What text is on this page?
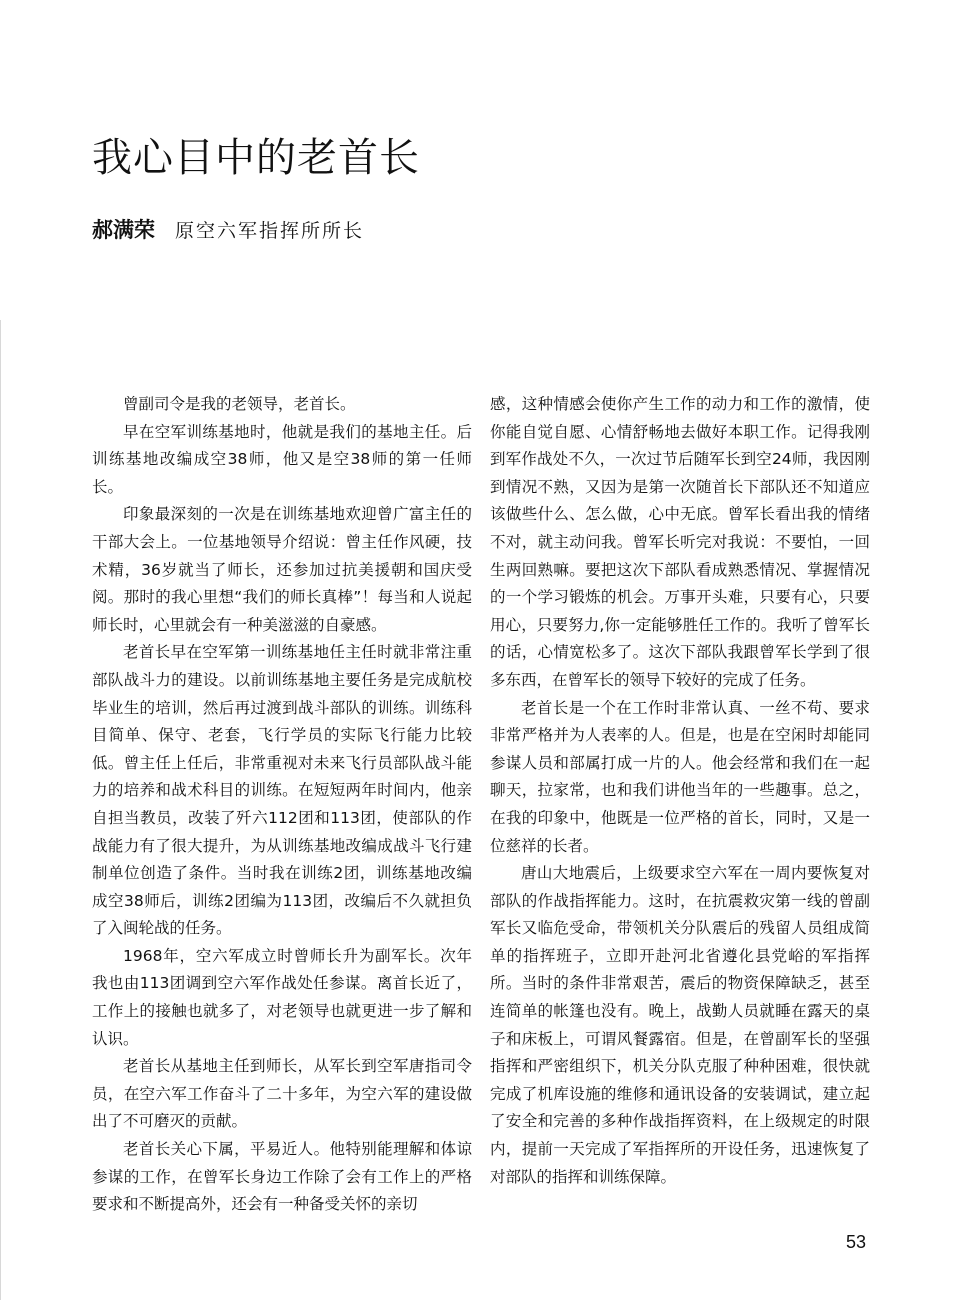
我心目中的老首长
郝满荣 原空六军指挥所所长

曾副司令是我的老领导，老首长。

早在空军训练基地时，他就是我们的基地主任。后训练基地改编成空38师，他又是空38师的第一任师长。

印象最深刻的一次是在训练基地欢迎曾广富主任的干部大会上。一位基地领导介绍说：曾主任作风硬，技术精，36岁就当了师长，还参加过抗美援朝和国庆受阅。那时的我心里想“我们的师长真棒”！每当和人说起师长时，心里就会有一种美滋滋的自豪感。

老首长早在空军第一训练基地任主任时就非常注重部队战斗力的建设。以前训练基地主要任务是完成航校毕业生的培训，然后再过渡到战斗部队的训练。训练科目简单、保守、老套，飞行学员的实际飞行能力比较低。曾主任上任后，非常重视对未来飞行员部队战斗能力的培养和战术科目的训练。在短短两年时间内，他亲自担当教员，改装了歼六112团和113团，使部队的作战能力有了很大提升，为从训练基地改编成战斗飞行建制单位创造了条件。当时我在训练2团，训练基地改编成空38师后，训练2团编为113团，改编后不久就担负了入闽轮战的任务。

1968年，空六军成立时曾师长升为副军长。次年我也由113团调到空六军作战处任参谋。离首长近了，工作上的接触也就多了，对老领导也就更进一步了解和认识。

老首长从基地主任到师长，从军长到空军唐指司令员，在空六军工作奋斗了二十多年，为空六军的建设做出了不可磨灭的贡献。

老首长关心下属，平易近人。他特别能理解和体谅参谋的工作，在曾军长身边工作除了会有工作上的严格要求和不断提高外，还会有一种备受关怀的亲切

感，这种情感会使你产生工作的动力和工作的激情，使你能自觉自愿、心情舒畅地去做好本职工作。记得我刚到军作战处不久，一次过节后随军长到空24师，我因刚到情况不熟，又因为是第一次随首长下部队还不知道应该做些什么、怎么做，心中无底。曾军长看出我的情绪不对，就主动问我。曾军长听完对我说：不要怕，一回生两回熟嘛。要把这次下部队看成熟悉情况、掌握情况的一个学习锻炼的机会。万事开头难，只要有心，只要用心，只要努力,你一定能够胜任工作的。我听了曾军长的话，心情宽松多了。这次下部队我跟曾军长学到了很多东西，在曾军长的领导下较好的完成了任务。

老首长是一个在工作时非常认真、一丝不苟、要求非常严格并为人表率的人。但是，也是在空闲时却能同参谋人员和部属打成一片的人。他会经常和我们在一起聊天，拉家常，也和我们讲他当年的一些趣事。总之，在我的印象中，他既是一位严格的首长，同时，又是一位慈祥的长者。

唐山大地震后，上级要求空六军在一周内要恢复对部队的作战指挥能力。这时，在抗震救灾第一线的曾副军长又临危受命，带领机关分队震后的残留人员组成简单的指挥班子，立即开赴河北省遵化县党峪的军指挥所。当时的条件非常艰苦，震后的物资保障缺乏，甚至连简单的帐篷也没有。晚上，战勤人员就睡在露天的桌子和床板上，可谓风餐露宿。但是，在曾副军长的坚强指挥和严密组织下，机关分队克服了种种困难，很快就完成了机库设施的维修和通讯设备的安装调试，建立起了安全和完善的多种作战指挥资料，在上级规定的时限内，提前一天完成了军指挥所的开设任务，迅速恢复了对部队的指挥和训练保障。

53
